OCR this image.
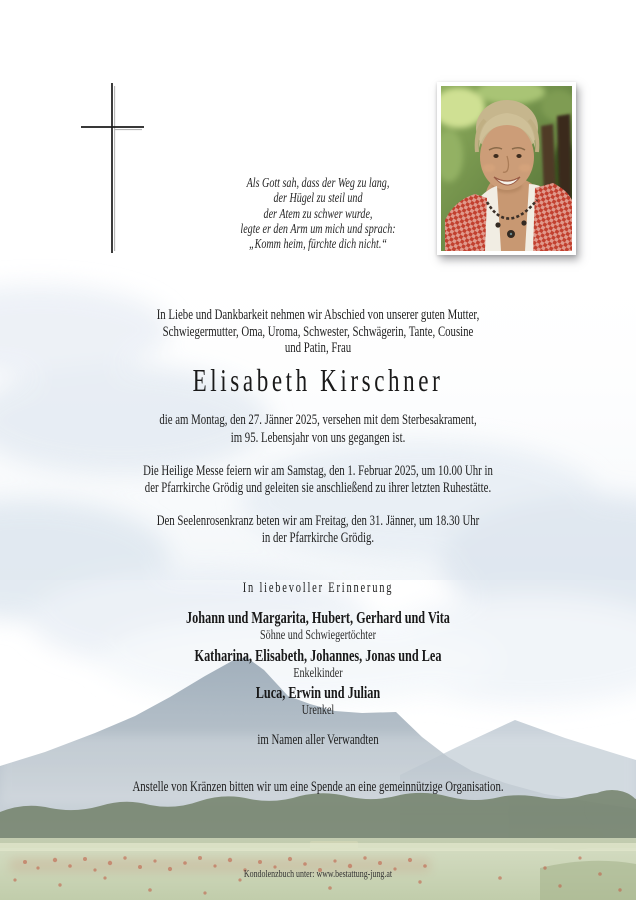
Als Gott sah, dass der Weg zu lang,
der Hügel zu steil und
der Atem zu schwer wurde,
legte er den Arm um mich und sprach:
„Komm heim, fürchte dich nicht.“
In Liebe und Dankbarkeit nehmen wir Abschied von unserer guten Mutter,
Schwiegermutter, Oma, Uroma, Schwester, Schwägerin, Tante, Cousine
und Patin, Frau
Elisabeth Kirschner
die am Montag, den 27. Jänner 2025, versehen mit dem Sterbesakrament,
im 95. Lebensjahr von uns gegangen ist.
Die Heilige Messe feiern wir am Samstag, den 1. Februar 2025, um 10.00 Uhr in
der Pfarrkirche Grödig und geleiten sie anschließend zu ihrer letzten Ruhestätte.
Den Seelenrosenkranz beten wir am Freitag, den 31. Jänner, um 18.30 Uhr
in der Pfarrkirche Grödig.
In liebevoller Erinnerung
Johann und Margarita, Hubert, Gerhard und Vita
Söhne und Schwiegertöchter
Katharina, Elisabeth, Johannes, Jonas und Lea
Enkelkinder
Luca, Erwin und Julian
Urenkel
im Namen aller Verwandten
Anstelle von Kränzen bitten wir um eine Spende an eine gemeinnützige Organisation.
Kondolenzbuch unter: www.bestattung-jung.at
